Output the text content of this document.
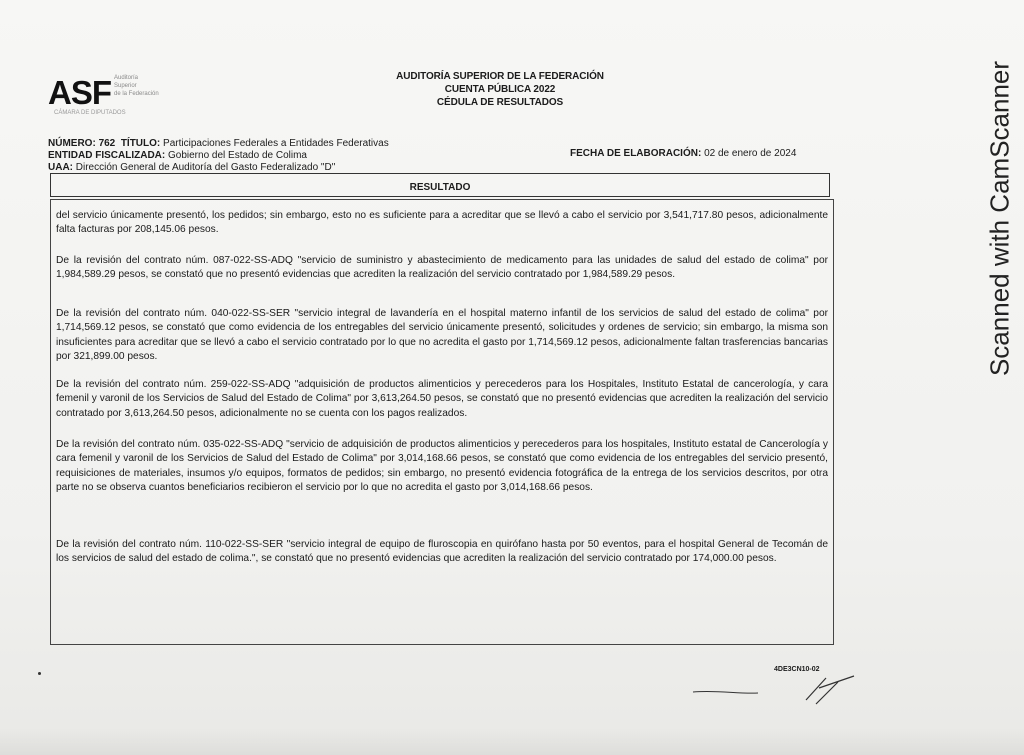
ASF Auditoría
Superior
de la Federación
CÁMARA DE DIPUTADOS
AUDITORÍA SUPERIOR DE LA FEDERACIÓN
CUENTA PÚBLICA 2022
CÉDULA DE RESULTADOS
NÚMERO: 762 TÍTULO: Participaciones Federales a Entidades Federativas
ENTIDAD FISCALIZADA: Gobierno del Estado de Colima
UAA: Dirección General de Auditoría del Gasto Federalizado "D"
FECHA DE ELABORACIÓN: 02 de enero de 2024
RESULTADO
del servicio únicamente presentó, los pedidos; sin embargo, esto no es suficiente para a acreditar que se llevó a cabo el servicio por 3,541,717.80 pesos, adicionalmente falta facturas por 208,145.06 pesos.
De la revisión del contrato núm. 087-022-SS-ADQ "servicio de suministro y abastecimiento de medicamento para las unidades de salud del estado de colima" por 1,984,589.29 pesos, se constató que no presentó evidencias que acrediten la realización del servicio contratado por 1,984,589.29 pesos.
De la revisión del contrato núm. 040-022-SS-SER "servicio integral de lavandería en el hospital materno infantil de los servicios de salud del estado de colima" por 1,714,569.12 pesos, se constató que como evidencia de los entregables del servicio únicamente presentó, solicitudes y ordenes de servicio; sin embargo, la misma son insuficientes para acreditar que se llevó a cabo el servicio contratado por lo que no acredita el gasto por 1,714,569.12 pesos, adicionalmente faltan trasferencias bancarias por 321,899.00 pesos.
De la revisión del contrato núm. 259-022-SS-ADQ "adquisición de productos alimenticios y perecederos para los Hospitales, Instituto Estatal de cancerología, y cara femenil y varonil de los Servicios de Salud del Estado de Colima" por 3,613,264.50 pesos, se constató que no presentó evidencias que acrediten la realización del servicio contratado por 3,613,264.50 pesos, adicionalmente no se cuenta con los pagos realizados.
De la revisión del contrato núm. 035-022-SS-ADQ "servicio de adquisición de productos alimenticios y perecederos para los hospitales, Instituto estatal de Cancerología y cara femenil y varonil de los Servicios de Salud del Estado de Colima" por 3,014,168.66 pesos, se constató que como evidencia de los entregables del servicio presentó, requisiciones de materiales, insumos y/o equipos, formatos de pedidos; sin embargo, no presentó evidencia fotográfica de la entrega de los servicios descritos, por otra parte no se observa cuantos beneficiarios recibieron el servicio por lo que no acredita el gasto por 3,014,168.66 pesos.
De la revisión del contrato núm. 110-022-SS-SER "servicio integral de equipo de fluroscopia en quirófano hasta por 50 eventos, para el hospital General de Tecomán de los servicios de salud del estado de colima.", se constató que no presentó evidencias que acrediten la realización del servicio contratado por 174,000.00 pesos.
4DE3CN10-02
Scanned with CamScanner
